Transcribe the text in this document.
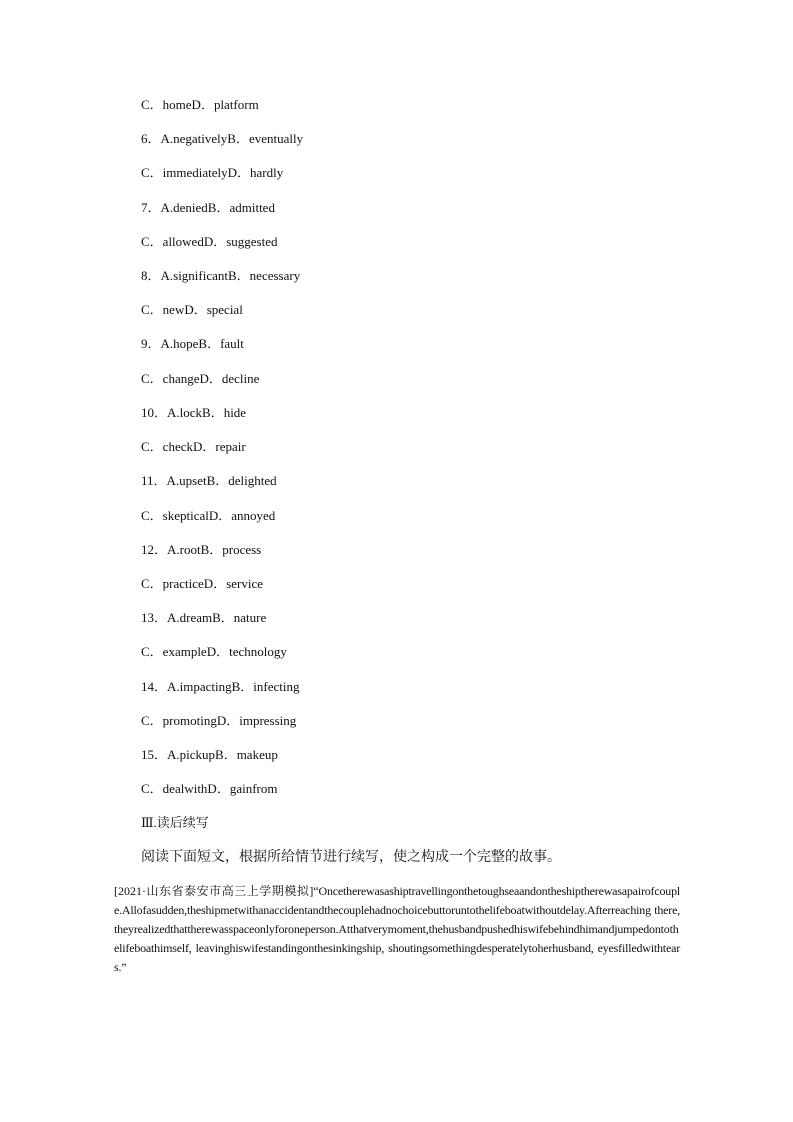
C．homeD．platform
6．A.negativelyB．eventually
C．immediatelyD．hardly
7．A.deniedB．admitted
C．allowedD．suggested
8．A.significantB．necessary
C．newD．special
9．A.hopeB．fault
C．changeD．decline
10．A.lockB．hide
C．checkD．repair
11．A.upsetB．delighted
C．skepticalD．annoyed
12．A.rootB．process
C．practiceD．service
13．A.dreamB．nature
C．exampleD．technology
14．A.impactingB．infecting
C．promotingD．impressing
15．A.pickupB．makeup
C．dealwithD．gainfrom
Ⅲ.读后续写
阅读下面短文，根据所给情节进行续写，使之构成一个完整的故事。
[2021·山东省泰安市高三上学期模拟]“Oncetherewasashiptravellingonthetoughseaandontheshiptherewasapairofcouple.Allofasudden,theshipmetwithanaccidentandthecouplehadnochoicebuttoruntothelifeboatwithoutdelay.Afterreaching there, theyrealizedthattherewasspaceonlyforoneperson.Atthatverymoment,thehusbandpushedhiswifebehindhimandjumpedontothelifeboathimself, leavinghiswifestandingonthesinkingship, shoutingsomethingdesperatelytoherhusband, eyesfilledwithtears.”
